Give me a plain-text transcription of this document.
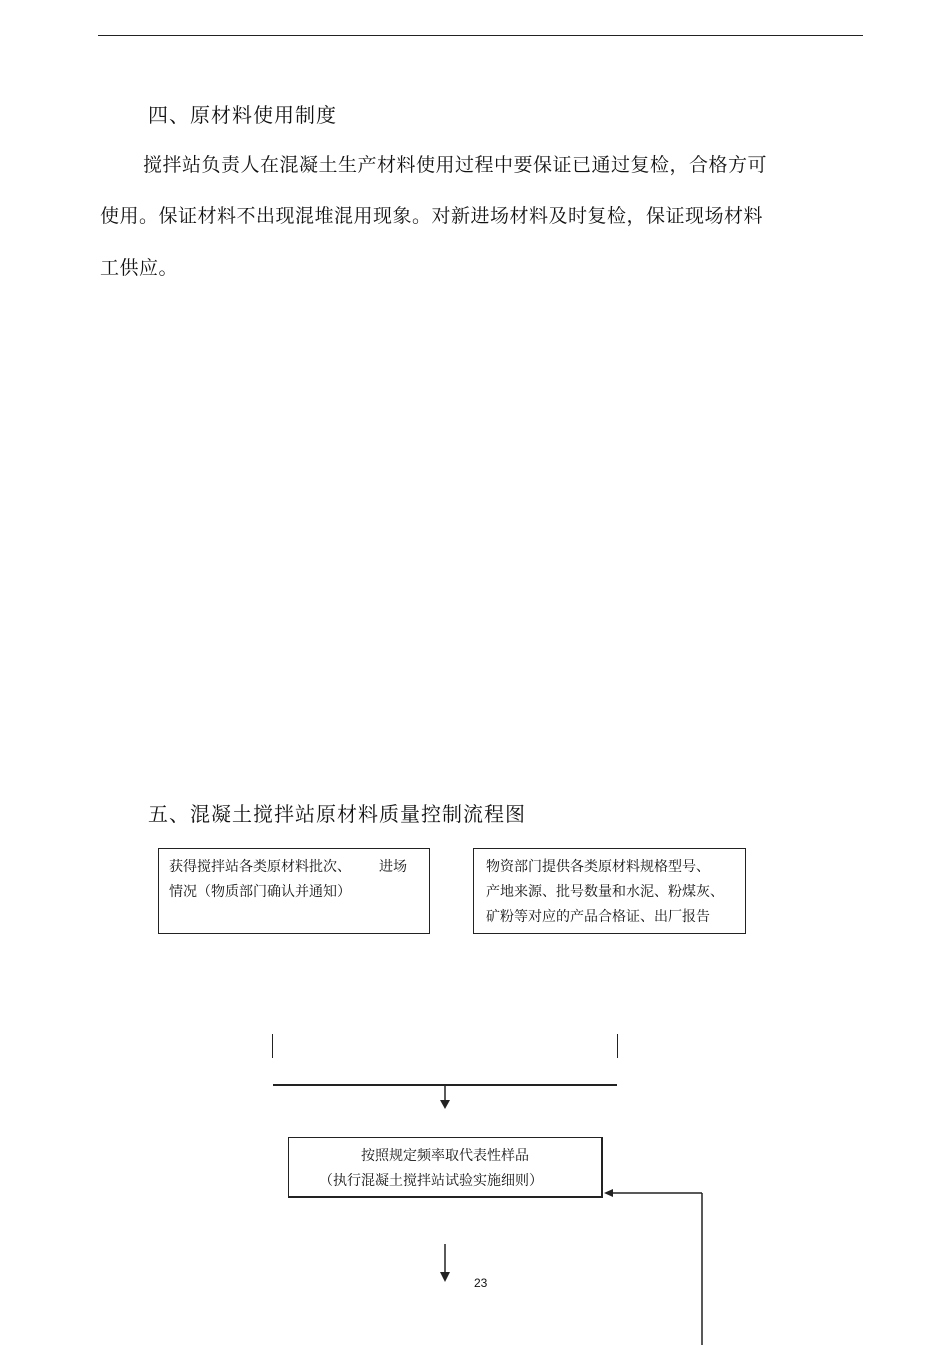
四、原材料使用制度
搅拌站负责人在混凝土生产材料使用过程中要保证已通过复检，合格方可
使用。保证材料不出现混堆混用现象。对新进场材料及时复检，保证现场材料
工供应。
五、混凝土搅拌站原材料质量控制流程图
获得搅拌站各类原材料批次、 进场
情况（物质部门确认并通知）
物资部门提供各类原材料规格型号、
产地来源、批号数量和水泥、粉煤灰、
矿粉等对应的产品合格证、出厂报告
按照规定频率取代表性样品
（执行混凝土搅拌站试验实施细则）
23
